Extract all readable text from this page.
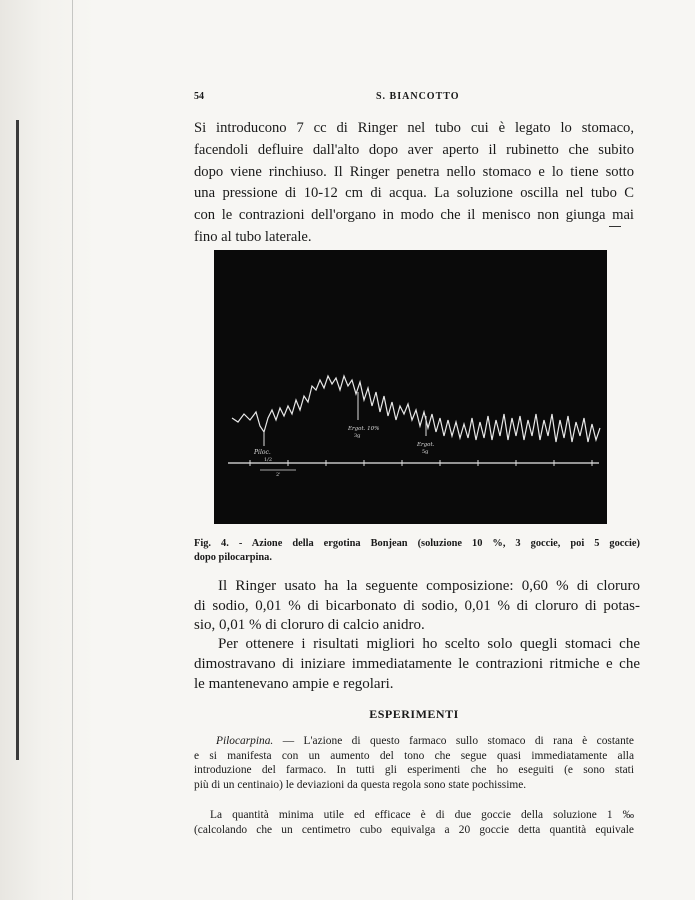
54	S. BIANCOTTO

Si introducono 7 cc di Ringer nel tubo cui è legato lo stomaco,
facendoli defluire dall'alto dopo aver aperto il rubinetto che subito
dopo viene rinchiuso. Il Ringer penetra nello stomaco e lo tiene sotto
una pressione di 10-12 cm di acqua. La soluzione oscilla nel tubo C
con le contrazioni dell'organo in modo che il menisco non giunga mai
fino al tubo laterale.

Piloc.
1/2
Ergot. 10%
3g
Ergot.
5g
2'

Fig. 4. - Azione della ergotina Bonjean (soluzione 10 %, 3 goccie, poi 5 goccie)
dopo pilocarpina.

Il Ringer usato ha la seguente composizione: 0,60 % di cloruro
di sodio, 0,01 % di bicarbonato di sodio, 0,01 % di cloruro di potas-
sio, 0,01 % di cloruro di calcio anidro.

Per ottenere i risultati migliori ho scelto solo quegli stomaci che
dimostravano di iniziare immediatamente le contrazioni ritmiche e che
le mantenevano ampie e regolari.

ESPERIMENTI

Pilocarpina. — L'azione di questo farmaco sullo stomaco di rana è costante
e si manifesta con un aumento del tono che segue quasi immediatamente alla
introduzione del farmaco. In tutti gli esperimenti che ho eseguiti (e sono stati
più di un centinaio) le deviazioni da questa regola sono state pochissime.

La quantità minima utile ed efficace è di due goccie della soluzione 1 ‰
(calcolando che un centimetro cubo equivalga a 20 goccie detta quantità equivale
